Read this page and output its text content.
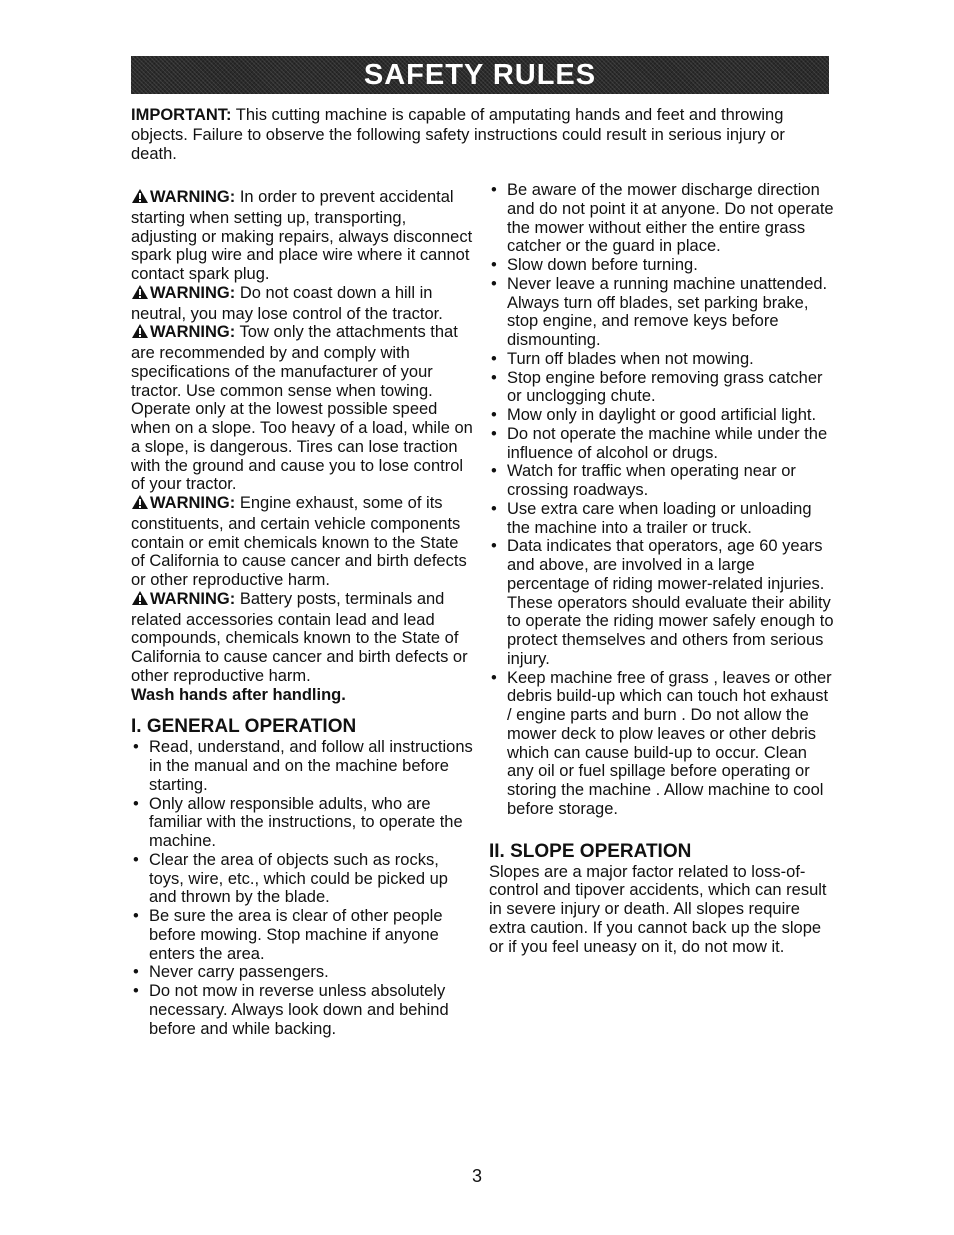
SAFETY RULES

IMPORTANT: This cutting machine is capable of amputating hands and feet and throwing objects. Failure to observe the following safety instructions could result in serious injury or death.

WARNING: In order to prevent accidental starting when setting up, transporting, adjusting or making repairs, always disconnect spark plug wire and place wire where it cannot contact spark plug.

WARNING: Do not coast down a hill in neutral, you may lose control of the tractor.

WARNING: Tow only the attachments that are recommended by and comply with specifications of the manufacturer of your tractor. Use common sense when towing. Operate only at the lowest possible speed when on a slope. Too heavy of a load, while on a slope, is dangerous. Tires can lose traction with the ground and cause you to lose control of your tractor.

WARNING: Engine exhaust, some of its constituents, and certain vehicle components contain or emit chemicals known to the State of California to cause cancer and birth defects or other reproductive harm.

WARNING: Battery posts, terminals and related accessories contain lead and lead compounds, chemicals known to the State of California to cause cancer and birth defects or other reproductive harm.

Wash hands after handling.

I. GENERAL OPERATION
• Read, understand, and follow all instructions in the manual and on the machine before starting.
• Only allow responsible adults, who are familiar with the instructions, to operate the machine.
• Clear the area of objects such as rocks, toys, wire, etc., which could be picked up and thrown by the blade.
• Be sure the area is clear of other people before mowing. Stop machine if anyone enters the area.
• Never carry passengers.
• Do not mow in reverse unless absolutely necessary. Always look down and behind before and while backing.
• Be aware of the mower discharge direction and do not point it at anyone. Do not operate the mower without either the entire grass catcher or the guard in place.
• Slow down before turning.
• Never leave a running machine unattended. Always turn off blades, set parking brake, stop engine, and remove keys before dismounting.
• Turn off blades when not mowing.
• Stop engine before removing grass catcher or unclogging chute.
• Mow only in daylight or good artificial light.
• Do not operate the machine while under the influence of alcohol or drugs.
• Watch for traffic when operating near or crossing roadways.
• Use extra care when loading or unloading the machine into a trailer or truck.
• Data indicates that operators, age 60 years and above, are involved in a large percentage of riding mower-related injuries. These operators should evaluate their ability to operate the riding mower safely enough to protect themselves and others from serious injury.
• Keep machine free of grass , leaves or other debris build-up which can touch hot exhaust / engine parts and burn . Do not allow the mower deck to plow leaves or other debris which can cause build-up to occur. Clean any oil or fuel spillage before operating or storing the machine . Allow machine to cool before storage.
II. SLOPE OPERATION

Slopes are a major factor related to loss-of-control and tipover accidents, which can result in severe injury or death. All slopes require extra caution. If you cannot back up the slope or if you feel uneasy on it, do not mow it.

3
